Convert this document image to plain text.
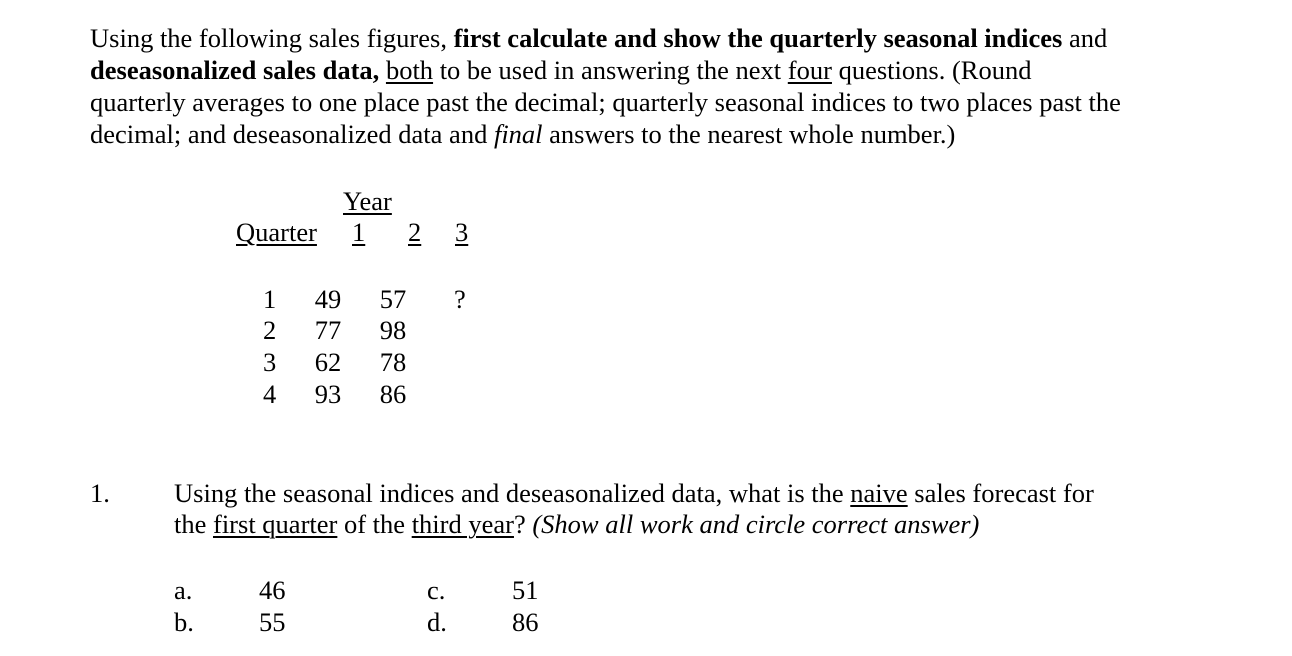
Using the following sales figures, first calculate and show the quarterly seasonal indices and
deseasonalized sales data, both to be used in answering the next four questions. (Round
quarterly averages to one place past the decimal; quarterly seasonal indices to two places past the
decimal; and deseasonalized data and final answers to the nearest whole number.)
Year
Quarter 1 2 3
1 49 57 ?
2 77 98
3 62 78
4 93 86
1. Using the seasonal indices and deseasonalized data, what is the naive sales forecast for
the first quarter of the third year? (Show all work and circle correct answer)
a.	46
b. 55
c.	51
d. 86
